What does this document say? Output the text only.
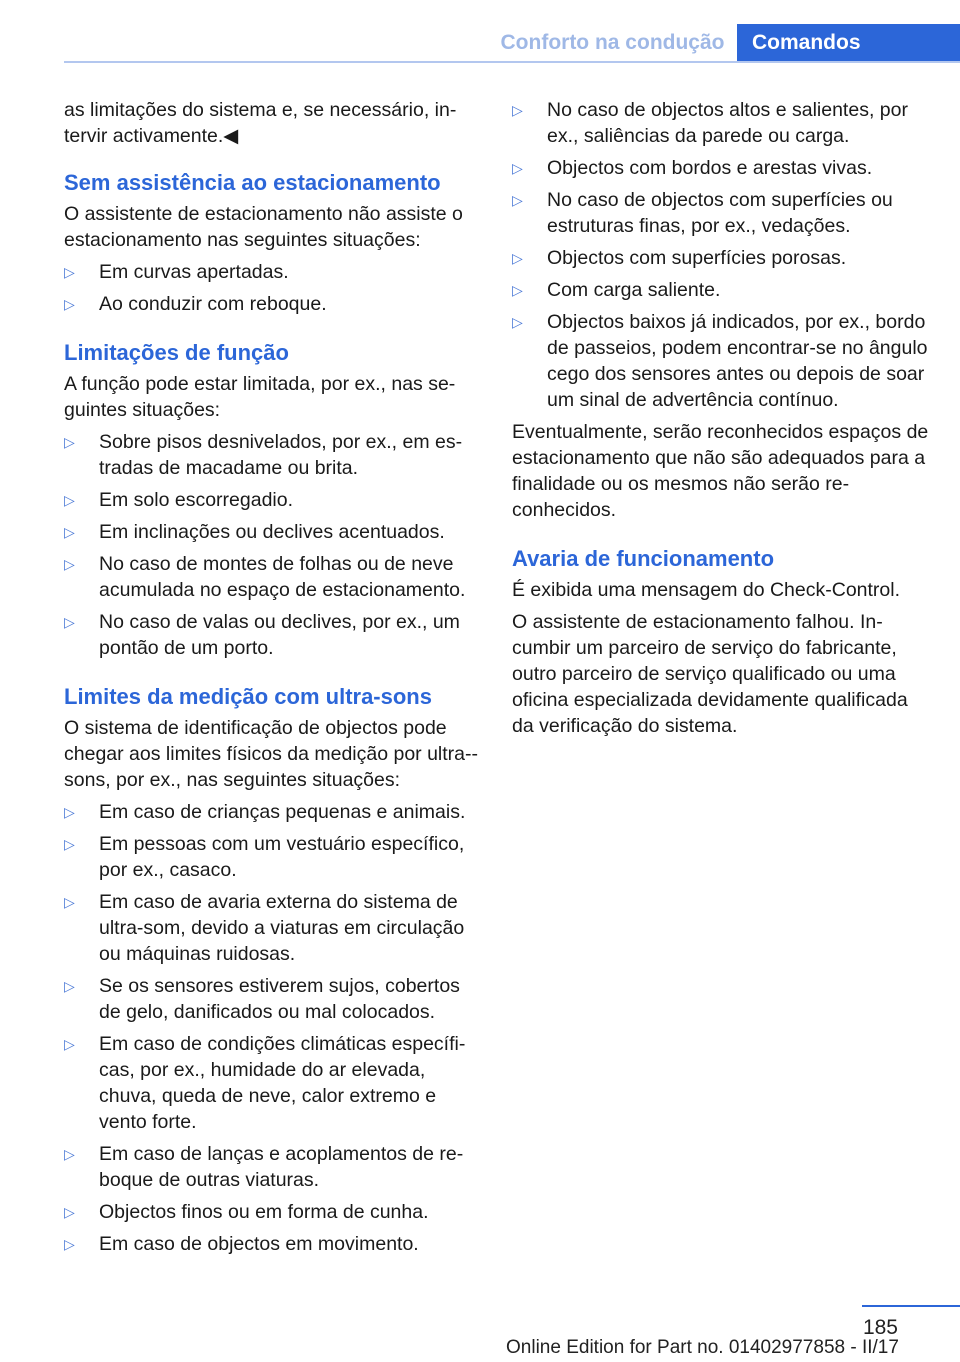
Conforto na condução	Comandos

as limitações do sistema e, se necessário, in‐tervir activamente.◀

Sem assistência ao estacionamento

O assistente de estacionamento não assiste o estacionamento nas seguintes situações:

▷ Em curvas apertadas.
▷ Ao conduzir com reboque.
Limitações de função

A função pode estar limitada, por ex., nas se‐guintes situações:

▷ Sobre pisos desnivelados, por ex., em es‐tradas de macadame ou brita.
▷ Em solo escorregadio.
▷ Em inclinações ou declives acentuados.
▷ No caso de montes de folhas ou de neve acumulada no espaço de estacionamento.
▷ No caso de valas ou declives, por ex., um pontão de um porto.
Limites da medição com ultra-sons

O sistema de identificação de objectos pode chegar aos limites físicos da medição por ultra--sons, por ex., nas seguintes situações:

▷ Em caso de crianças pequenas e animais.
▷ Em pessoas com um vestuário específico, por ex., casaco.
▷ Em caso de avaria externa do sistema de ultra-som, devido a viaturas em circulação ou máquinas ruidosas.
▷ Se os sensores estiverem sujos, cobertos de gelo, danificados ou mal colocados.
▷ Em caso de condições climáticas específi‐cas, por ex., humidade do ar elevada, chuva, queda de neve, calor extremo e vento forte.
▷ Em caso de lanças e acoplamentos de re‐boque de outras viaturas.
▷ Objectos finos ou em forma de cunha.
▷ Em caso de objectos em movimento.
▷ No caso de objectos altos e salientes, por ex., saliências da parede ou carga.
▷ Objectos com bordos e arestas vivas.
▷ No caso de objectos com superfícies ou estruturas finas, por ex., vedações.
▷ Objectos com superfícies porosas.
▷ Com carga saliente.
▷ Objectos baixos já indicados, por ex., bordo de passeios, podem encontrar-se no ângulo cego dos sensores antes ou depois de soar um sinal de advertência contínuo.

Eventualmente, serão reconhecidos espaços de estacionamento que não são adequados para a finalidade ou os mesmos não serão re‐conhecidos.

Avaria de funcionamento

É exibida uma mensagem do Check-Control.

O assistente de estacionamento falhou. In‐cumbir um parceiro de serviço do fabricante, outro parceiro de serviço qualificado ou uma oficina especializada devidamente qualificada da verificação do sistema.

185
Online Edition for Part no. 01402977858 - II/17
